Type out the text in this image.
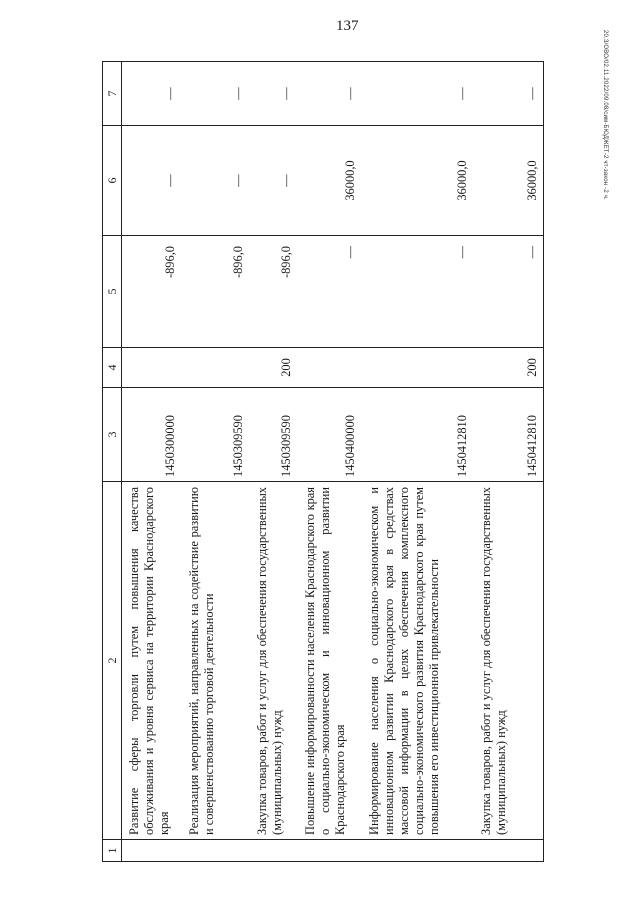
137
20.3/ОВО/02.11.2022/09.08/сим-БЮДЖЕТ-2 чт-закон -2 ч.
1	2	3	4	5	6	7
	Развитие сферы торговли путем повышения качества обслуживания и уровня сервиса на территории Краснодарского края	1450300000		-896,0	—	—
	Реализация мероприятий, направленных на содействие развитию и совершенствованию торговой деятельности	1450309590		-896,0	—	—
	Закупка товаров, работ и услуг для обеспечения государственных (муниципальных) нужд	1450309590	200	-896,0	—	—
	Повышение информированности населения Краснодарского края о социально-экономическом и инновационном развитии Краснодарского края	1450400000		—	36000,0	—
	Информирование населения о социально-экономическом и инновационном развитии Краснодарского края в средствах массовой информации в целях обеспечения комплексного социально-экономического развития Краснодарского края путем повышения его инвестиционной привлекательности	1450412810		—	36000,0	—
	Закупка товаров, работ и услуг для обеспечения государственных (муниципальных) нужд	1450412810	200	—	36000,0	—
